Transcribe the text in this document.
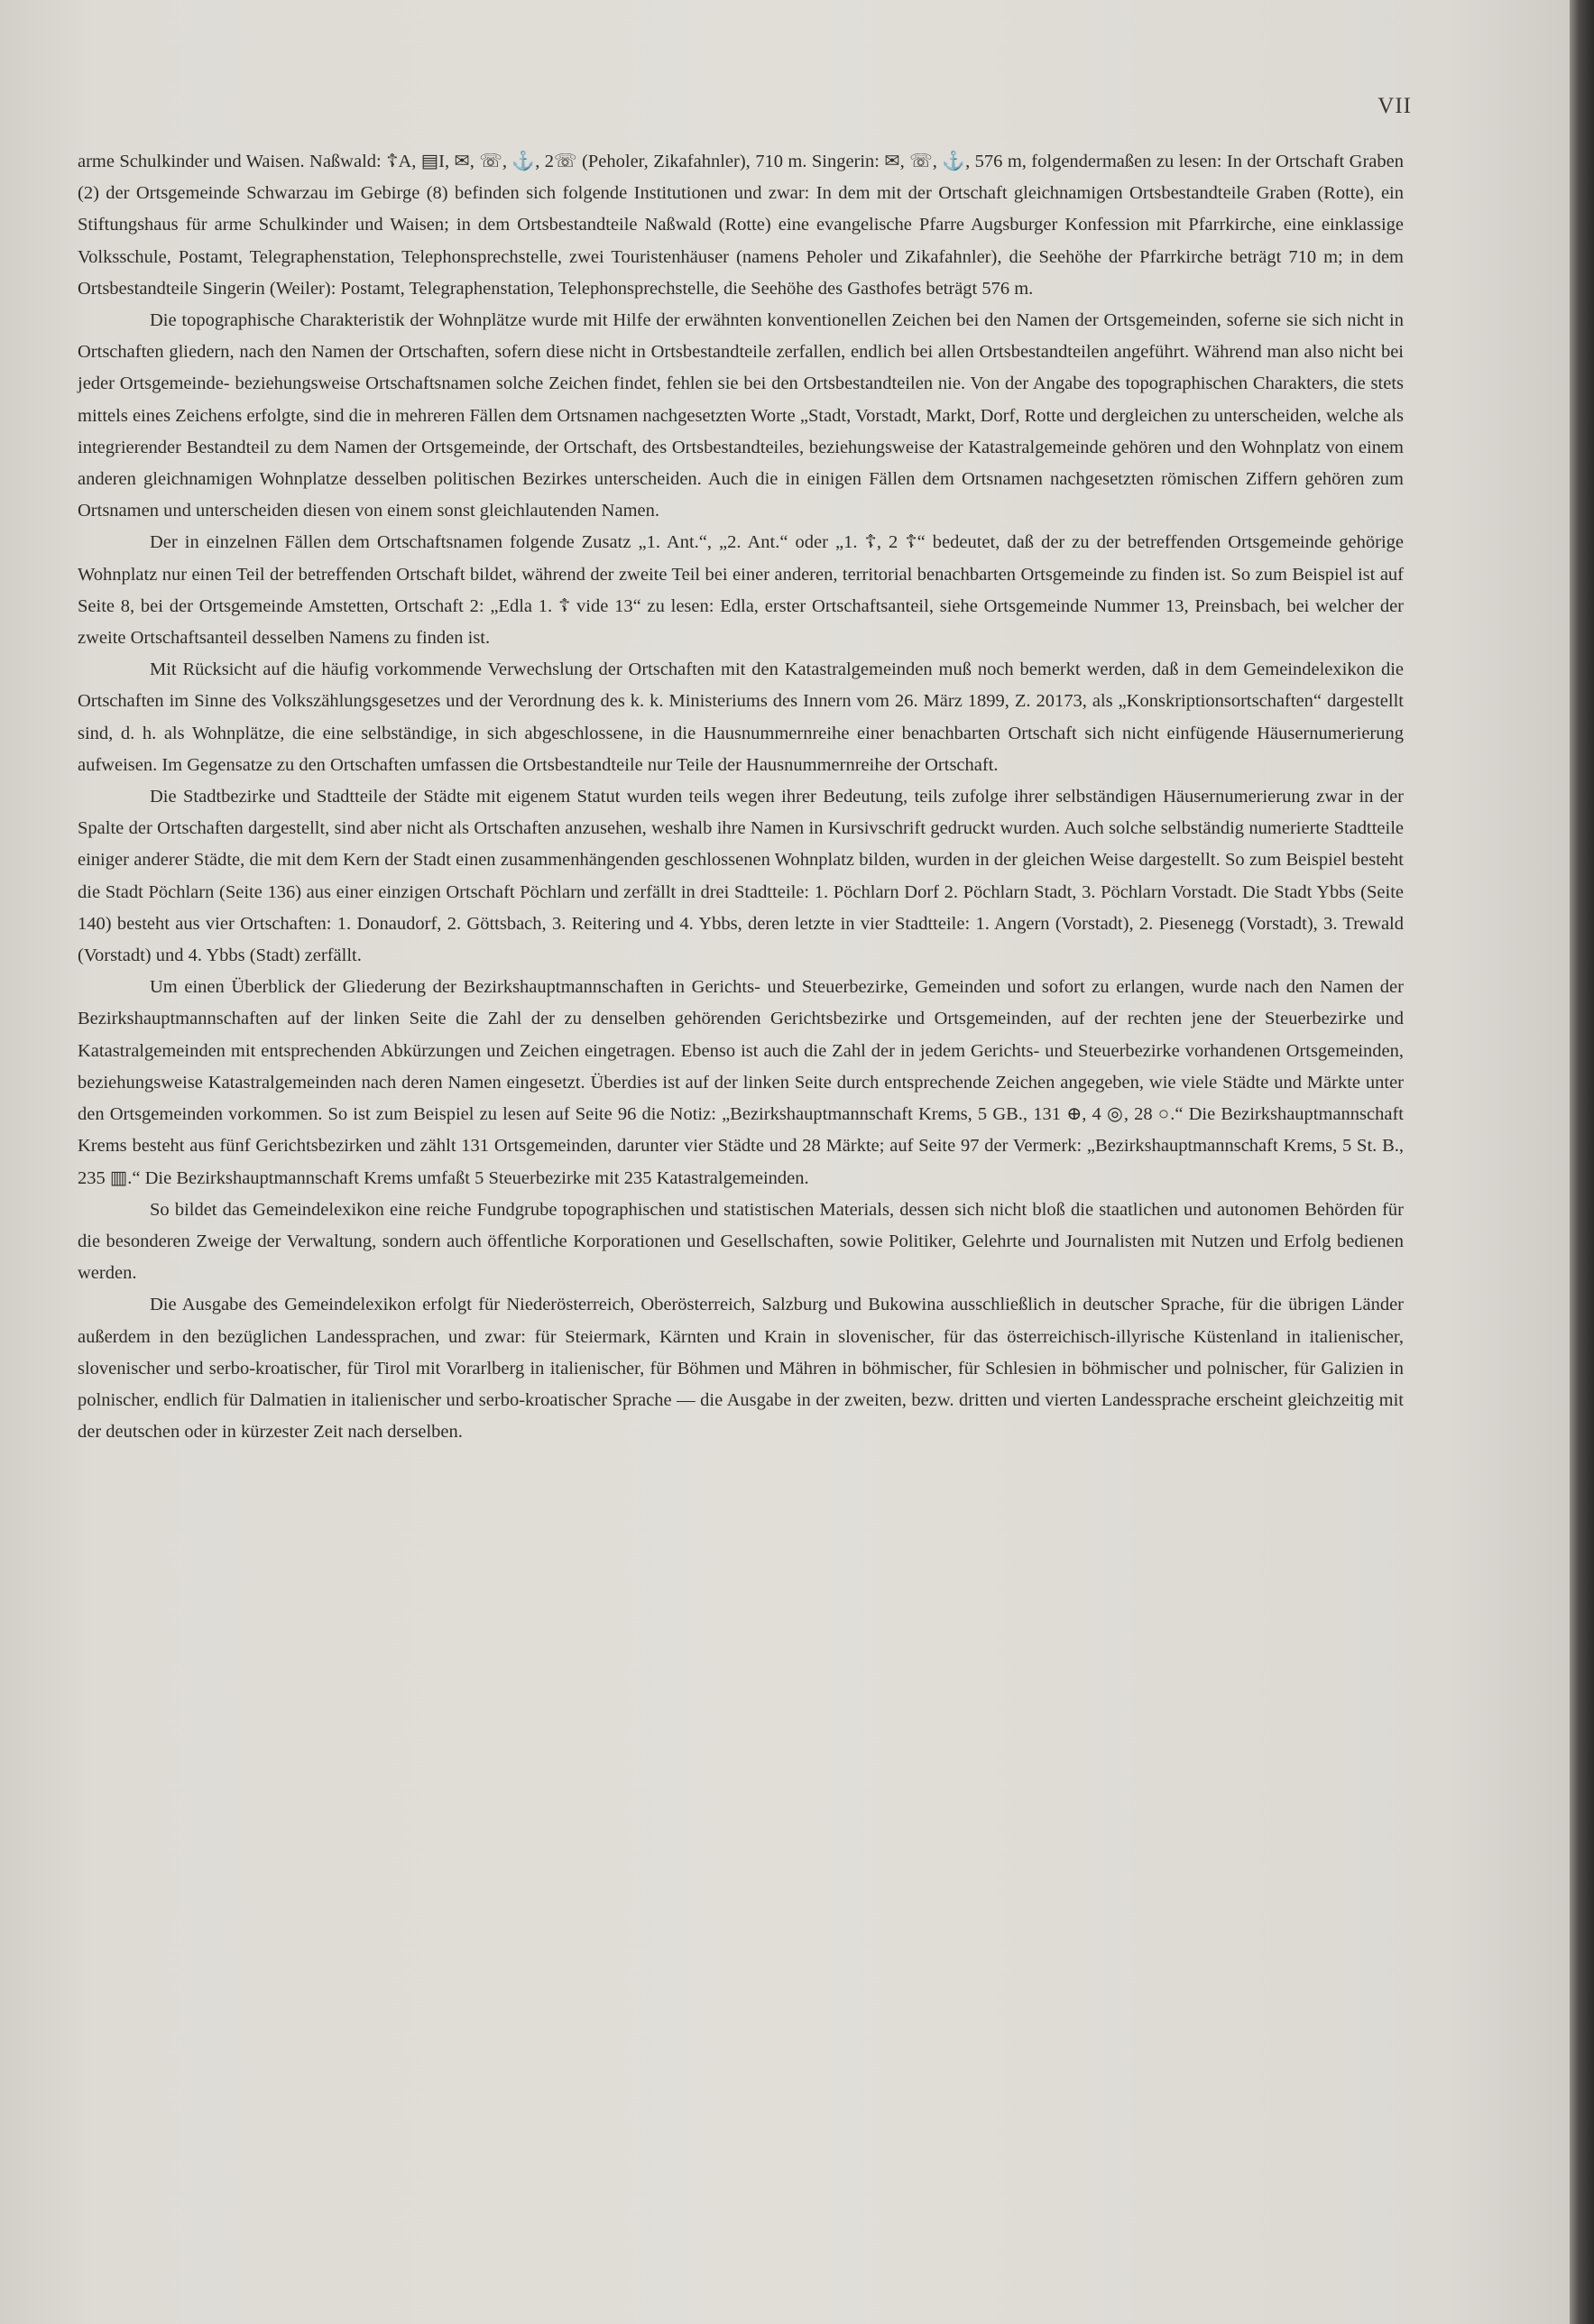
VII

arme Schulkinder und Waisen. Naßwald: ☦A, ▤I, ✉, ☏, ⚓, 2☏ (Peholer, Zikafahnler), 710 m. Singerin: ✉, ☏, ⚓, 576 m, folgendermaßen zu lesen: In der Ortschaft Graben (2) der Ortsgemeinde Schwarzau im Gebirge (8) befinden sich folgende Institutionen und zwar: In dem mit der Ortschaft gleichnamigen Ortsbestandteile Graben (Rotte), ein Stiftungshaus für arme Schulkinder und Waisen; in dem Ortsbestandteile Naßwald (Rotte) eine evangelische Pfarre Augsburger Konfession mit Pfarrkirche, eine einklassige Volksschule, Postamt, Telegraphenstation, Telephonsprechstelle, zwei Touristenhäuser (namens Peholer und Zikafahnler), die Seehöhe der Pfarrkirche beträgt 710 m; in dem Ortsbestandteile Singerin (Weiler): Postamt, Telegraphenstation, Telephonsprechstelle, die Seehöhe des Gasthofes beträgt 576 m.

Die topographische Charakteristik der Wohnplätze wurde mit Hilfe der erwähnten konventionellen Zeichen bei den Namen der Ortsgemeinden, soferne sie sich nicht in Ortschaften gliedern, nach den Namen der Ortschaften, sofern diese nicht in Ortsbestandteile zerfallen, endlich bei allen Ortsbestandteilen angeführt. Während man also nicht bei jeder Ortsgemeinde- beziehungsweise Ortschaftsnamen solche Zeichen findet, fehlen sie bei den Ortsbestandteilen nie. Von der Angabe des topographischen Charakters, die stets mittels eines Zeichens erfolgte, sind die in mehreren Fällen dem Ortsnamen nachgesetzten Worte „Stadt, Vorstadt, Markt, Dorf, Rotte und dergleichen zu unterscheiden, welche als integrierender Bestandteil zu dem Namen der Ortsgemeinde, der Ortschaft, des Ortsbestandteiles, beziehungsweise der Katastralgemeinde gehören und den Wohnplatz von einem anderen gleichnamigen Wohnplatze desselben politischen Bezirkes unterscheiden. Auch die in einigen Fällen dem Ortsnamen nachgesetzten römischen Ziffern gehören zum Ortsnamen und unterscheiden diesen von einem sonst gleichlautenden Namen.

Der in einzelnen Fällen dem Ortschaftsnamen folgende Zusatz „1. Ant.“, „2. Ant.“ oder „1. ☦, 2 ☦“ bedeutet, daß der zu der betreffenden Ortsgemeinde gehörige Wohnplatz nur einen Teil der betreffenden Ortschaft bildet, während der zweite Teil bei einer anderen, territorial benachbarten Ortsgemeinde zu finden ist. So zum Beispiel ist auf Seite 8, bei der Ortsgemeinde Amstetten, Ortschaft 2: „Edla 1. ☦ vide 13“ zu lesen: Edla, erster Ortschaftsanteil, siehe Ortsgemeinde Nummer 13, Preinsbach, bei welcher der zweite Ortschaftsanteil desselben Namens zu finden ist.

Mit Rücksicht auf die häufig vorkommende Verwechslung der Ortschaften mit den Katastralgemeinden muß noch bemerkt werden, daß in dem Gemeindelexikon die Ortschaften im Sinne des Volkszählungsgesetzes und der Verordnung des k. k. Ministeriums des Innern vom 26. März 1899, Z. 20173, als „Konskriptionsortschaften“ dargestellt sind, d. h. als Wohnplätze, die eine selbständige, in sich abgeschlossene, in die Hausnummernreihe einer benachbarten Ortschaft sich nicht einfügende Häusernumerierung aufweisen. Im Gegensatze zu den Ortschaften umfassen die Ortsbestandteile nur Teile der Hausnummernreihe der Ortschaft.

Die Stadtbezirke und Stadtteile der Städte mit eigenem Statut wurden teils wegen ihrer Bedeutung, teils zufolge ihrer selbständigen Häusernumerierung zwar in der Spalte der Ortschaften dargestellt, sind aber nicht als Ortschaften anzusehen, weshalb ihre Namen in Kursivschrift gedruckt wurden. Auch solche selbständig numerierte Stadtteile einiger anderer Städte, die mit dem Kern der Stadt einen zusammenhängenden geschlossenen Wohnplatz bilden, wurden in der gleichen Weise dargestellt. So zum Beispiel besteht die Stadt Pöchlarn (Seite 136) aus einer einzigen Ortschaft Pöchlarn und zerfällt in drei Stadtteile: 1. Pöchlarn Dorf 2. Pöchlarn Stadt, 3. Pöchlarn Vorstadt. Die Stadt Ybbs (Seite 140) besteht aus vier Ortschaften: 1. Donaudorf, 2. Göttsbach, 3. Reitering und 4. Ybbs, deren letzte in vier Stadtteile: 1. Angern (Vorstadt), 2. Piesenegg (Vorstadt), 3. Trewald (Vorstadt) und 4. Ybbs (Stadt) zerfällt.

Um einen Überblick der Gliederung der Bezirkshauptmannschaften in Gerichts- und Steuerbezirke, Gemeinden und sofort zu erlangen, wurde nach den Namen der Bezirkshauptmannschaften auf der linken Seite die Zahl der zu denselben gehörenden Gerichtsbezirke und Ortsgemeinden, auf der rechten jene der Steuerbezirke und Katastralgemeinden mit entsprechenden Abkürzungen und Zeichen eingetragen. Ebenso ist auch die Zahl der in jedem Gerichts- und Steuerbezirke vorhandenen Ortsgemeinden, beziehungsweise Katastralgemeinden nach deren Namen eingesetzt. Überdies ist auf der linken Seite durch entsprechende Zeichen angegeben, wie viele Städte und Märkte unter den Ortsgemeinden vorkommen. So ist zum Beispiel zu lesen auf Seite 96 die Notiz: „Bezirkshauptmannschaft Krems, 5 GB., 131 ⊕, 4 ◎, 28 ○.“ Die Bezirkshauptmannschaft Krems besteht aus fünf Gerichtsbezirken und zählt 131 Ortsgemeinden, darunter vier Städte und 28 Märkte; auf Seite 97 der Vermerk: „Bezirkshauptmannschaft Krems, 5 St. B., 235 ▥.“ Die Bezirkshauptmannschaft Krems umfaßt 5 Steuerbezirke mit 235 Katastralgemeinden.

So bildet das Gemeindelexikon eine reiche Fundgrube topographischen und statistischen Materials, dessen sich nicht bloß die staatlichen und autonomen Behörden für die besonderen Zweige der Verwaltung, sondern auch öffentliche Korporationen und Gesellschaften, sowie Politiker, Gelehrte und Journalisten mit Nutzen und Erfolg bedienen werden.

Die Ausgabe des Gemeindelexikon erfolgt für Niederösterreich, Oberösterreich, Salzburg und Bukowina ausschließlich in deutscher Sprache, für die übrigen Länder außerdem in den bezüglichen Landessprachen, und zwar: für Steiermark, Kärnten und Krain in slovenischer, für das österreichisch-illyrische Küstenland in italienischer, slovenischer und serbo-kroatischer, für Tirol mit Vorarlberg in italienischer, für Böhmen und Mähren in böhmischer, für Schlesien in böhmischer und polnischer, für Galizien in polnischer, endlich für Dalmatien in italienischer und serbo-kroatischer Sprache — die Ausgabe in der zweiten, bezw. dritten und vierten Landessprache erscheint gleichzeitig mit der deutschen oder in kürzester Zeit nach derselben.
